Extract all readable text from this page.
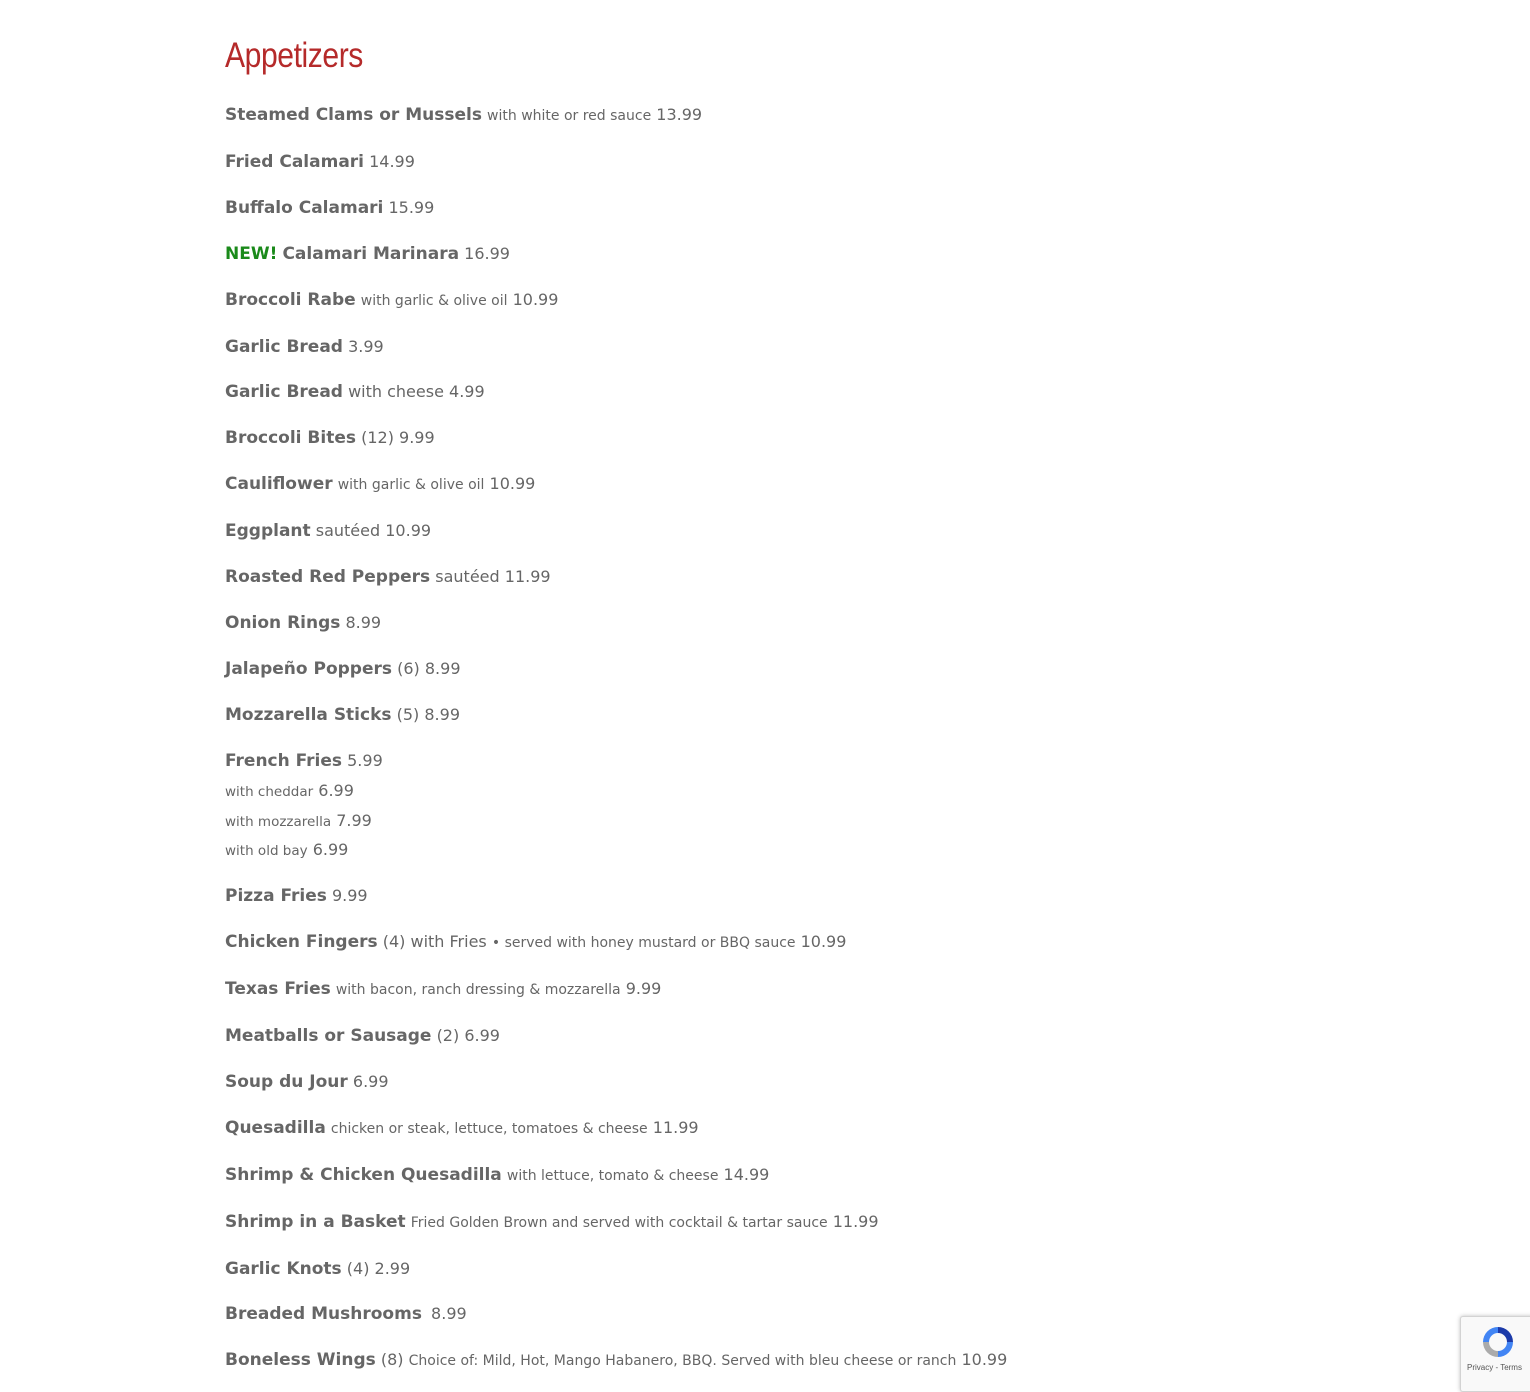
Appetizers
Steamed Clams or Mussels with white or red sauce 13.99
Fried Calamari 14.99
Buffalo Calamari 15.99
NEW! Calamari Marinara 16.99
Broccoli Rabe with garlic & olive oil 10.99
Garlic Bread 3.99
Garlic Bread with cheese 4.99
Broccoli Bites (12) 9.99
Cauliflower with garlic & olive oil 10.99
Eggplant sautéed 10.99
Roasted Red Peppers sautéed 11.99
Onion Rings 8.99
Jalapeño Poppers (6) 8.99
Mozzarella Sticks (5) 8.99
French Fries 5.99
with cheddar 6.99
with mozzarella 7.99
with old bay 6.99
Pizza Fries 9.99
Chicken Fingers (4) with Fries • served with honey mustard or BBQ sauce 10.99
Texas Fries with bacon, ranch dressing & mozzarella 9.99
Meatballs or Sausage (2) 6.99
Soup du Jour 6.99
Quesadilla chicken or steak, lettuce, tomatoes & cheese 11.99
Shrimp & Chicken Quesadilla with lettuce, tomato & cheese 14.99
Shrimp in a Basket Fried Golden Brown and served with cocktail & tartar sauce 11.99
Garlic Knots (4) 2.99
Breaded Mushrooms 8.99
Boneless Wings (8) Choice of: Mild, Hot, Mango Habanero, BBQ. Served with bleu cheese or ranch 10.99	Privacy - Terms
